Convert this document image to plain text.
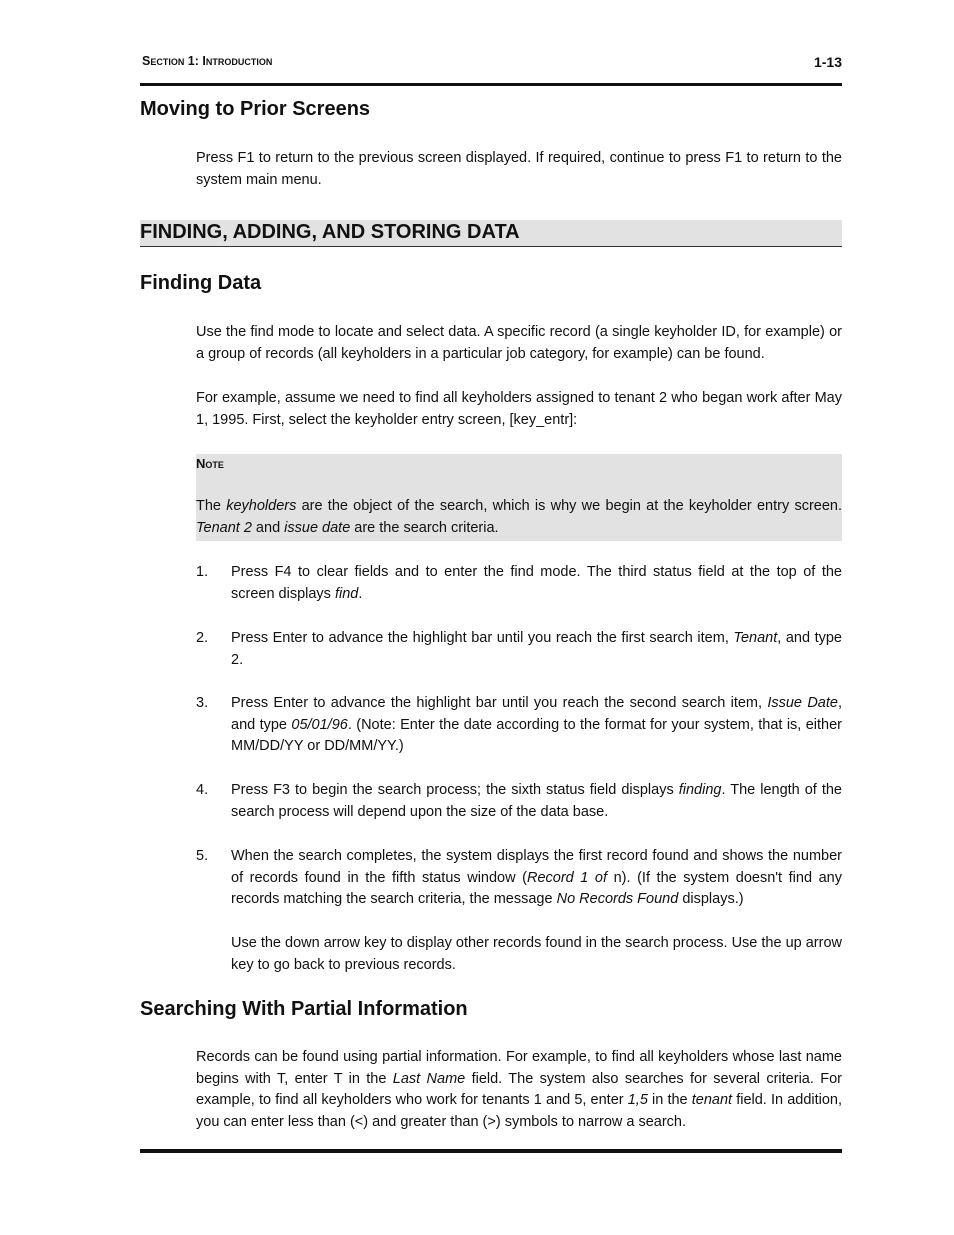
Section 1: Introduction	1-13
Moving to Prior Screens
Press F1 to return to the previous screen displayed. If required, continue to press F1 to return to the system main menu.
FINDING, ADDING, AND STORING DATA
Finding Data
Use the find mode to locate and select data. A specific record (a single keyholder ID, for example) or a group of records (all keyholders in a particular job category, for example) can be found.
For example, assume we need to find all keyholders assigned to tenant 2 who began work after May 1, 1995. First, select the keyholder entry screen, [key_entr]:
Note
The keyholders are the object of the search, which is why we begin at the keyholder entry screen. Tenant 2 and issue date are the search criteria.
1. Press F4 to clear fields and to enter the find mode. The third status field at the top of the screen displays find.
2. Press Enter to advance the highlight bar until you reach the first search item, Tenant, and type 2.
3. Press Enter to advance the highlight bar until you reach the second search item, Issue Date, and type 05/01/96. (Note: Enter the date according to the format for your system, that is, either MM/DD/YY or DD/MM/YY.)
4. Press F3 to begin the search process; the sixth status field displays finding. The length of the search process will depend upon the size of the data base.
5. When the search completes, the system displays the first record found and shows the number of records found in the fifth status window (Record 1 of n). (If the system doesn't find any records matching the search criteria, the message No Records Found displays.)
Use the down arrow key to display other records found in the search process. Use the up arrow key to go back to previous records.
Searching With Partial Information
Records can be found using partial information. For example, to find all keyholders whose last name begins with T, enter T in the Last Name field. The system also searches for several criteria. For example, to find all keyholders who work for tenants 1 and 5, enter 1,5 in the tenant field. In addition, you can enter less than (<) and greater than (>) symbols to narrow a search.
